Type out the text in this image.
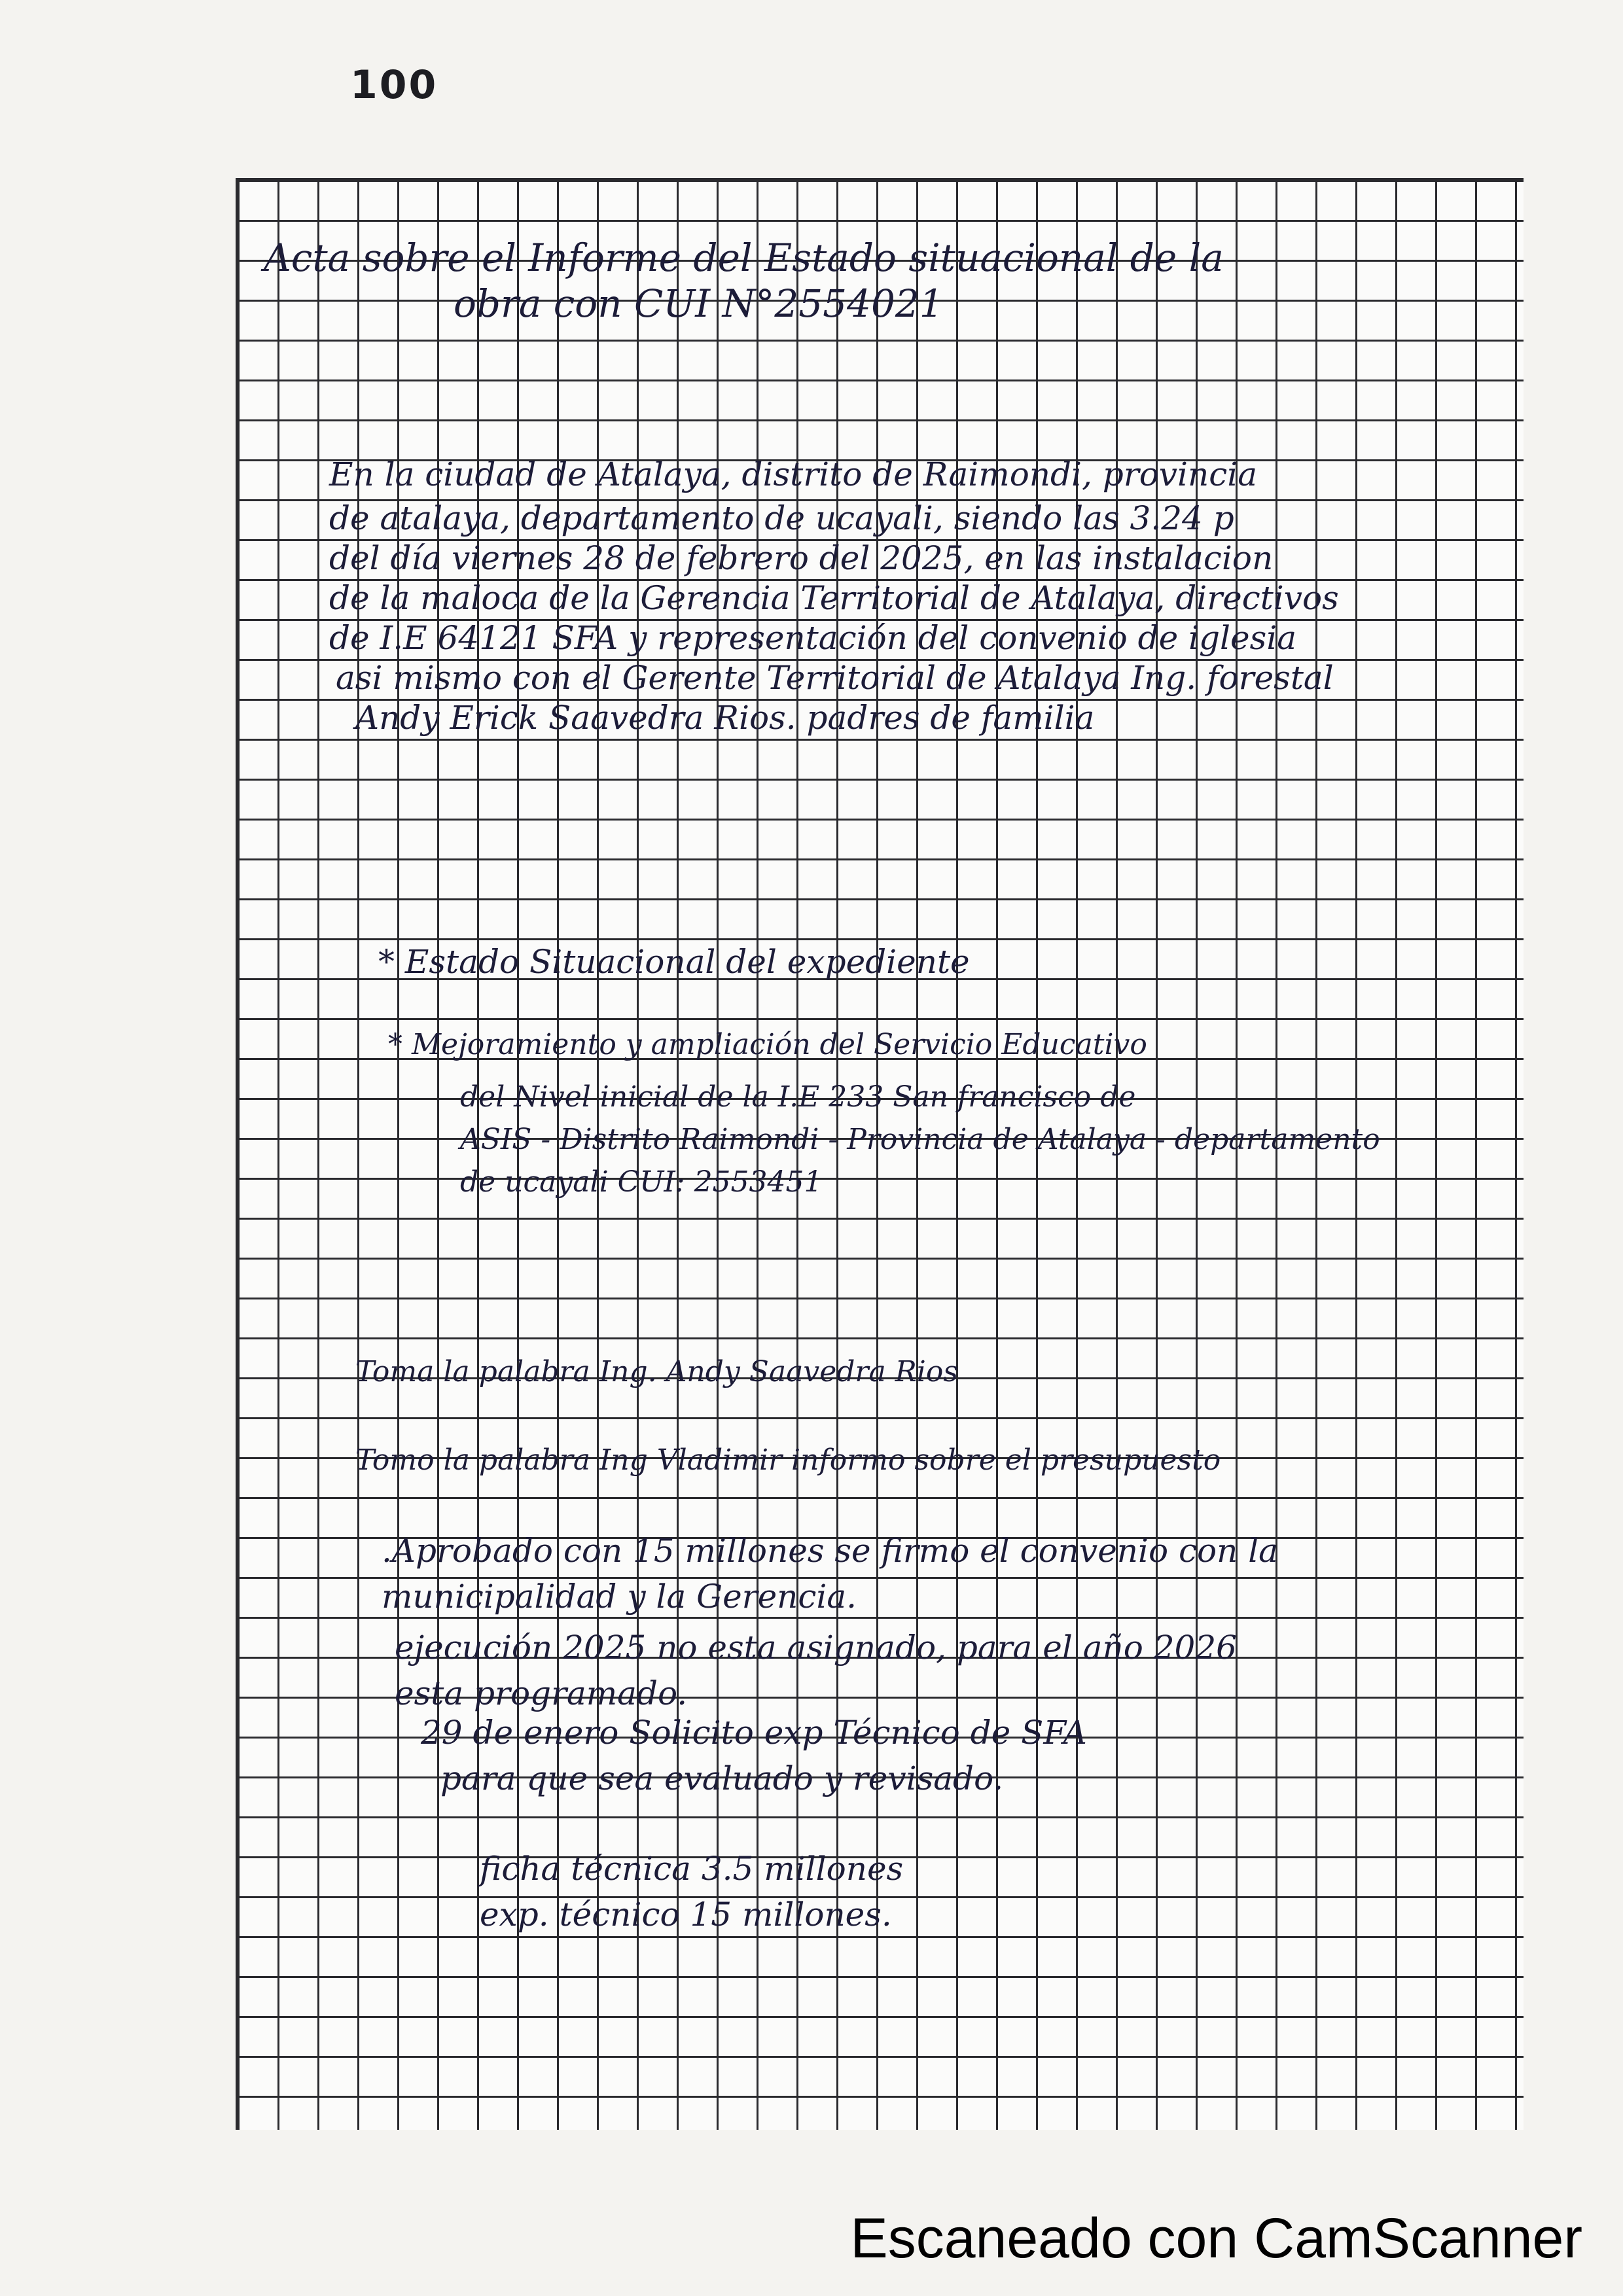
100
Acta sobre el Informe del Estado situacional de la
obra con CUI N°2554021
En la ciudad de Atalaya, distrito de Raimondi, provincia
de atalaya, departamento de ucayali, siendo las 3.24 p
del día viernes 28 de febrero del 2025, en las instalacion
de la maloca de la Gerencia Territorial de Atalaya, directivos
de I.E 64121 SFA y representación del convenio de iglesia
asi mismo con el Gerente Territorial de Atalaya Ing. forestal
Andy Erick Saavedra Rios. padres de familia
* Estado Situacional del expediente
* Mejoramiento y ampliación del Servicio Educativo
del Nivel inicial de la I.E 233 San francisco de
ASIS - Distrito Raimondi - Provincia de Atalaya - departamento
de ucayali CUI: 2553451
Toma la palabra Ing. Andy Saavedra Rios
Tomo la palabra Ing Vladimir informo sobre el presupuesto
.Aprobado con 15 millones se firmo el convenio con la
municipalidad y la Gerencia.
ejecución 2025 no esta asignado, para el año 2026
esta programado.
29 de enero Solicito exp Técnico de SFA
para que sea evaluado y revisado.
ficha técnica 3.5 millones
exp. técnico 15 millones.
Escaneado con CamScanner
